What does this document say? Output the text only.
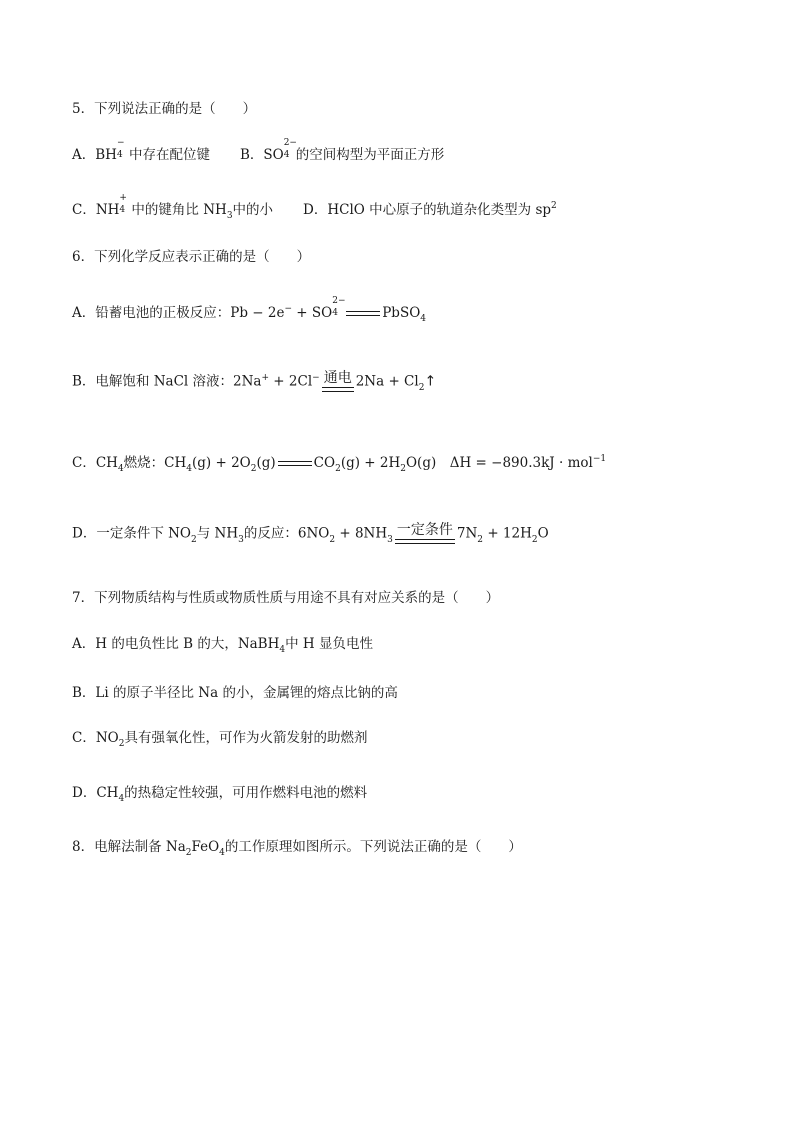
5．下列说法正确的是（　　）
A．BH
−
4 中存在配位键 B．SO
2−
4 的空间构型为平面正方形
C．NH
+
4 中的键角比 $NH_3$中的小 D．HClO 中心原子的轨道杂化类型为 $sp^2$
6．下列化学反应表示正确的是（　　）
A．铅蓄电池的正极反应：Pb − 2e− + SO
2−
4	PbSO$_4$
B．电解饱和 NaCl 溶液：2Na+ + 2Cl− 通电 $2Na + Cl_2↑$
C．$CH_4$燃烧：$CH_4(g) + 2O_2(g)$	$CO_2(g) + 2H_2O(g)$　ΔH = −890.3kJ · mol$^{-1}$
D．一定条件下 $NO_2$与 $NH_3$的反应：$6NO_2 + 8NH_3$
一定条件 $7N_2 + 12H_2O$
7．下列物质结构与性质或物质性质与用途不具有对应关系的是（　　）
A．H 的电负性比 B 的大，NaBH$_4$中 H 显负电性
B．Li 的原子半径比 Na 的小，金属锂的熔点比钠的高
C．$NO_2$具有强氧化性，可作为火箭发射的助燃剂
D．$CH_4$的热稳定性较强，可用作燃料电池的燃料
8．电解法制备 $Na_2FeO_4$的工作原理如图所示。下列说法正确的是（　　）
